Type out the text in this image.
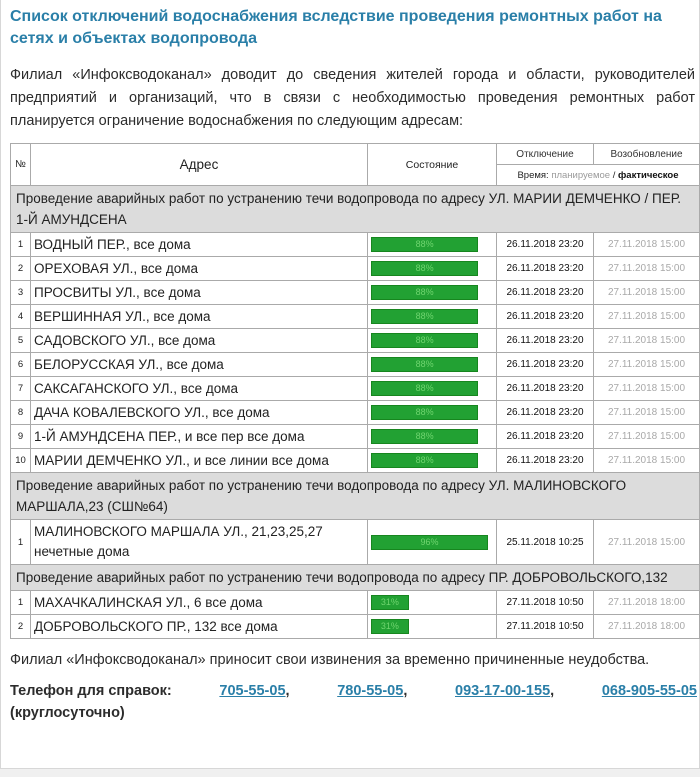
Список отключений водоснабжения вследствие проведения ремонтных работ на сетях и объектах водопровода

Филиал «Инфоксводоканал» доводит до сведения жителей города и области, руководителей предприятий и организаций, что в связи с необходимостью проведения ремонтных работ планируется ограничение водоснабжения по следующим адресам:

№	Адрес	Состояние	Отключение	Возобновление
			Время: планируемое / фактическое	
Проведение аварийных работ по устранению течи водопровода по адресу УЛ. МАРИИ ДЕМЧЕНКО / ПЕР. 1-Й АМУНДСЕНА				
1	ВОДНЫЙ ПЕР., все дома	88%	26.11.2018 23:20	27.11.2018 15:00
2	ОРЕХОВАЯ УЛ., все дома	88%	26.11.2018 23:20	27.11.2018 15:00
3	ПРОСВИТЫ УЛ., все дома	88%	26.11.2018 23:20	27.11.2018 15:00
4	ВЕРШИННАЯ УЛ., все дома	88%	26.11.2018 23:20	27.11.2018 15:00
5	САДОВСКОГО УЛ., все дома	88%	26.11.2018 23:20	27.11.2018 15:00
6	БЕЛОРУССКАЯ УЛ., все дома	88%	26.11.2018 23:20	27.11.2018 15:00
7	САКСАГАНСКОГО УЛ., все дома	88%	26.11.2018 23:20	27.11.2018 15:00
8	ДАЧА КОВАЛЕВСКОГО УЛ., все дома	88%	26.11.2018 23:20	27.11.2018 15:00
9	1-Й АМУНДСЕНА ПЕР., и все пер все дома	88%	26.11.2018 23:20	27.11.2018 15:00
10	МАРИИ ДЕМЧЕНКО УЛ., и все линии все дома	88%	26.11.2018 23:20	27.11.2018 15:00
Проведение аварийных работ по устранению течи водопровода по адресу УЛ. МАЛИНОВСКОГО МАРШАЛА,23 (СШ№64)				
1	МАЛИНОВСКОГО МАРШАЛА УЛ., 21,23,25,27 нечетные дома	96%	25.11.2018 10:25	27.11.2018 15:00
Проведение аварийных работ по устранению течи водопровода по адресу ПР. ДОБРОВОЛЬСКОГО,132				
1	МАХАЧКАЛИНСКАЯ УЛ., 6 все дома	31%	27.11.2018 10:50	27.11.2018 18:00
2	ДОБРОВОЛЬСКОГО ПР., 132 все дома	31%	27.11.2018 10:50	27.11.2018 18:00

Филиал «Инфоксводоканал» приносит свои извинения за временно причиненные неудобства.

Телефон для справок:	705-55-05,	780-55-05,	093-17-00-155,	068-905-55-05
(круглосуточно)
